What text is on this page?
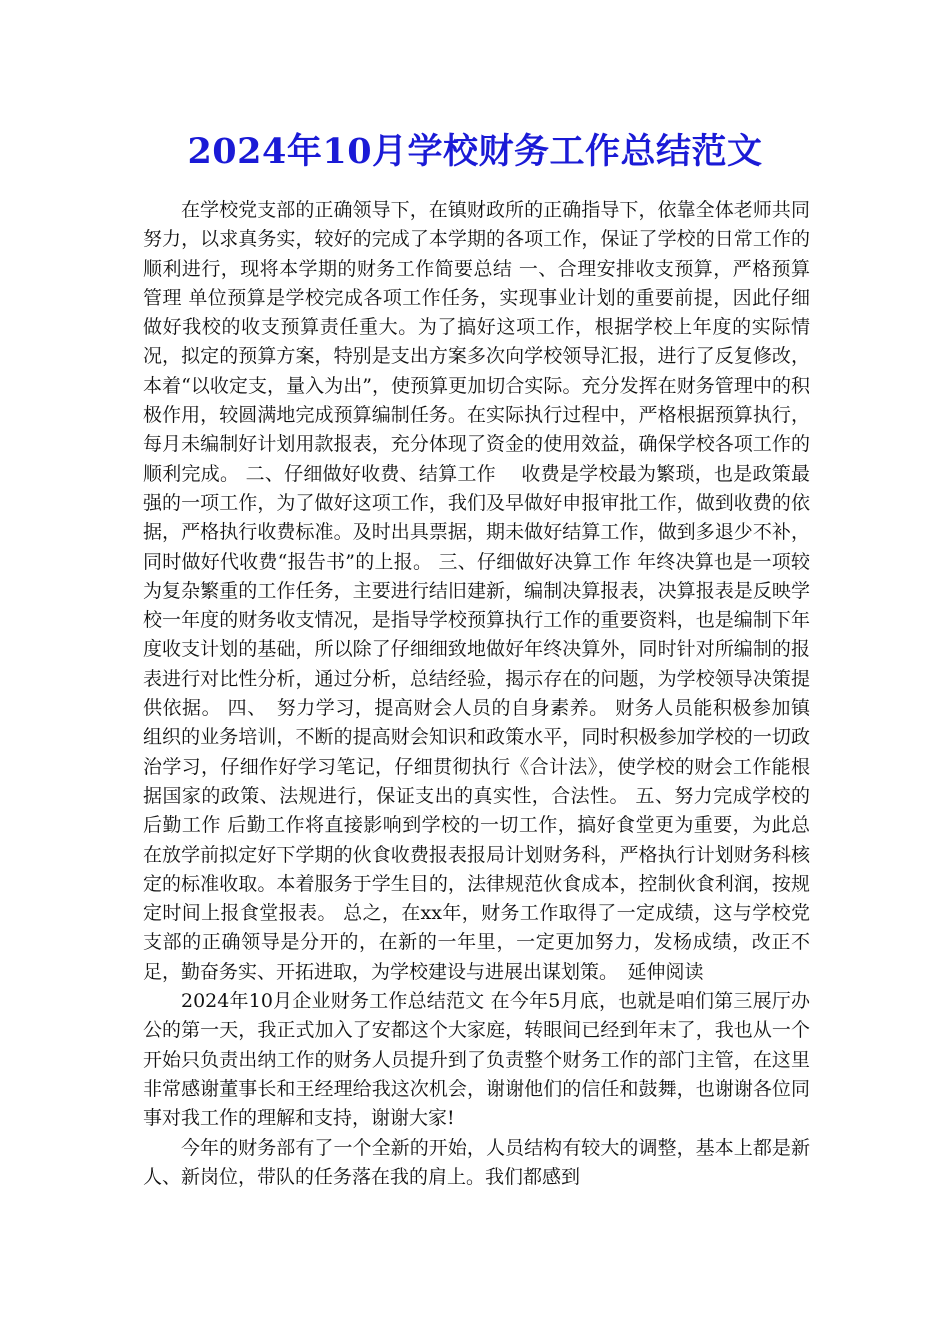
2024年10月学校财务工作总结范文

在学校党支部的正确领导下，在镇财政所的正确指导下，依靠全体老师共同努力，以求真务实，较好的完成了本学期的各项工作，保证了学校的日常工作的顺利进行，现将本学期的财务工作简要总结 一、合理安排收支预算，严格预算管理 单位预算是学校完成各项工作任务，实现事业计划的重要前提，因此仔细做好我校的收支预算责任重大。为了搞好这项工作，根据学校上年度的实际情况，拟定的预算方案，特别是支出方案多次向学校领导汇报，进行了反复修改，本着“以收定支，量入为出”，使预算更加切合实际。充分发挥在财务管理中的积极作用，较圆满地完成预算编制任务。在实际执行过程中，严格根据预算执行，每月未编制好计划用款报表，充分体现了资金的使用效益，确保学校各项工作的顺利完成。 二、仔细做好收费、结算工作　 收费是学校最为繁琐，也是政策最强的一项工作，为了做好这项工作，我们及早做好申报审批工作，做到收费的依据，严格执行收费标准。及时出具票据，期未做好结算工作，做到多退少不补，同时做好代收费“报告书”的上报。 三、仔细做好决算工作 年终决算也是一项较为复杂繁重的工作任务，主要进行结旧建新，编制决算报表，决算报表是反映学校一年度的财务收支情况，是指导学校预算执行工作的重要资料，也是编制下年度收支计划的基础，所以除了仔细细致地做好年终决算外，同时针对所编制的报表进行对比性分析，通过分析，总结经验，揭示存在的问题，为学校领导决策提供依据。 四、　努力学习，提高财会人员的自身素养。 财务人员能积极参加镇组织的业务培训，不断的提高财会知识和政策水平，同时积极参加学校的一切政治学习，仔细作好学习笔记，仔细贯彻执行《合计法》，使学校的财会工作能根据国家的政策、法规进行，保证支出的真实性，合法性。 五、努力完成学校的后勤工作 后勤工作将直接影响到学校的一切工作，搞好食堂更为重要，为此总在放学前拟定好下学期的伙食收费报表报局计划财务科，严格执行计划财务科核定的标准收取。本着服务于学生目的，法律规范伙食成本，控制伙食利润，按规定时间上报食堂报表。 总之，在xx年，财务工作取得了一定成绩，这与学校党支部的正确领导是分开的，在新的一年里，一定更加努力，发杨成绩，改正不足，勤奋务实、开拓进取，为学校建设与进展出谋划策。　延伸阅读

2024年10月企业财务工作总结范文 在今年5月底，也就是咱们第三展厅办公的第一天，我正式加入了安都这个大家庭，转眼间已经到年末了，我也从一个开始只负责出纳工作的财务人员提升到了负责整个财务工作的部门主管，在这里非常感谢董事长和王经理给我这次机会，谢谢他们的信任和鼓舞，也谢谢各位同事对我工作的理解和支持，谢谢大家!

今年的财务部有了一个全新的开始，人员结构有较大的调整，基本上都是新人、新岗位，带队的任务落在我的肩上。我们都感到
